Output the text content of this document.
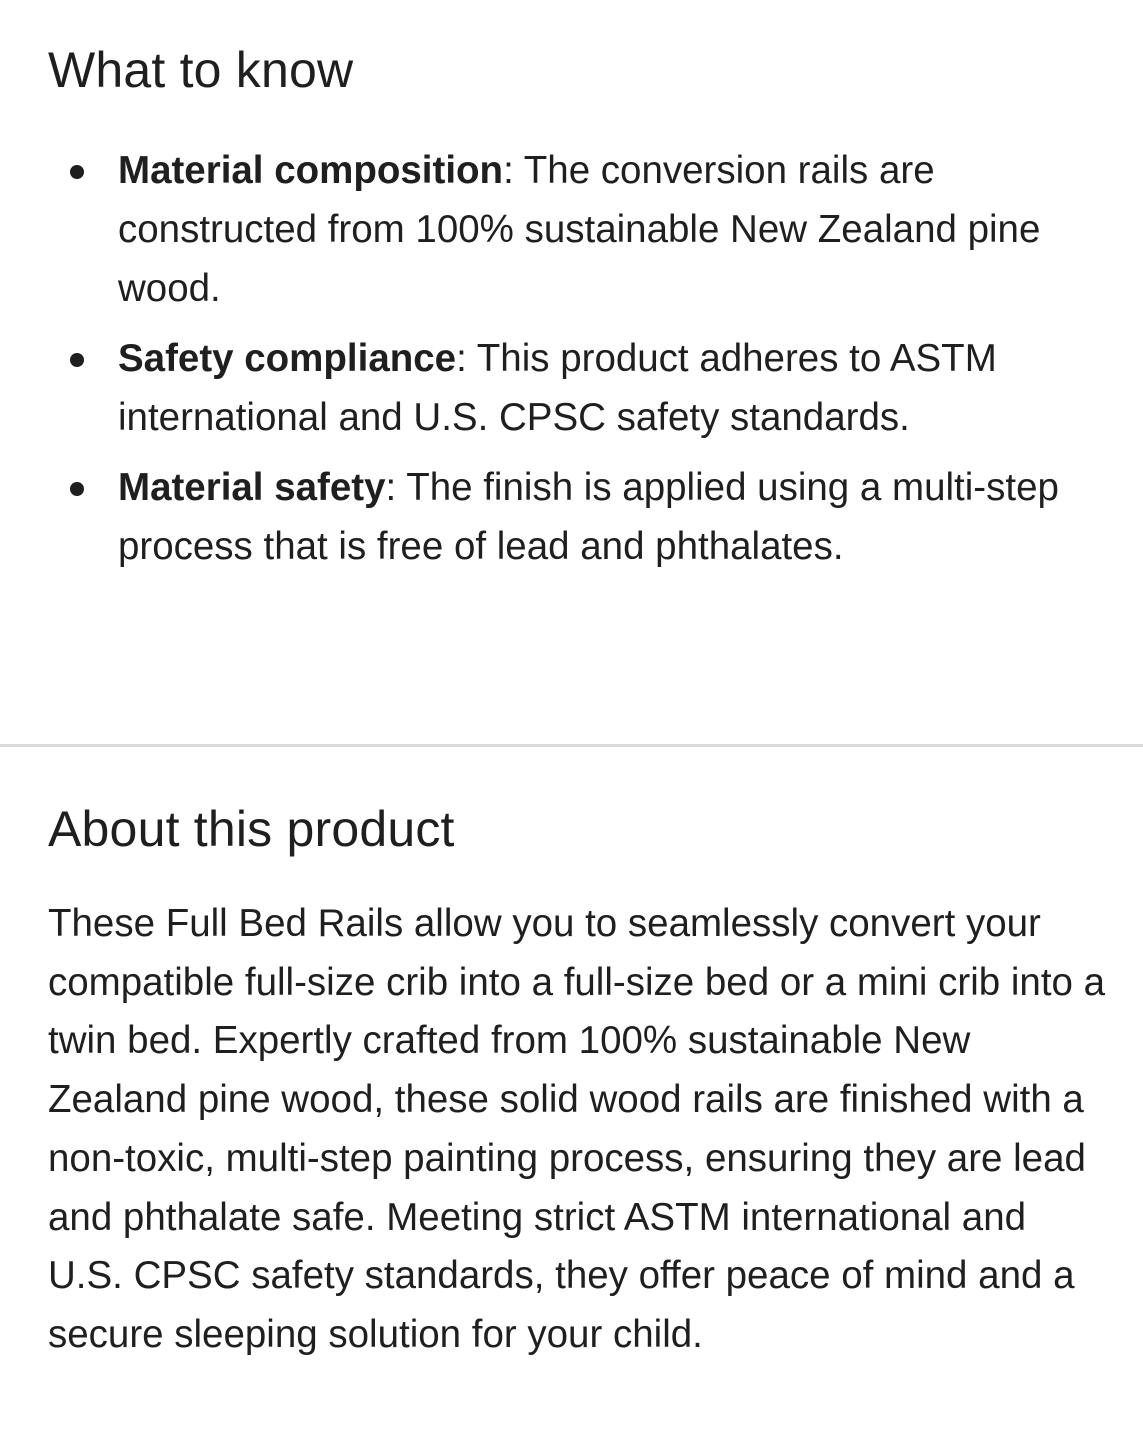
What to know
Material composition: The conversion rails are constructed from 100% sustainable New Zealand pine wood.
Safety compliance: This product adheres to ASTM international and U.S. CPSC safety standards.
Material safety: The finish is applied using a multi-step process that is free of lead and phthalates.
About this product

These Full Bed Rails allow you to seamlessly convert your compatible full-size crib into a full-size bed or a mini crib into a twin bed. Expertly crafted from 100% sustainable New Zealand pine wood, these solid wood rails are finished with a non-toxic, multi-step painting process, ensuring they are lead and phthalate safe. Meeting strict ASTM international and U.S. CPSC safety standards, they offer peace of mind and a secure sleeping solution for your child.
